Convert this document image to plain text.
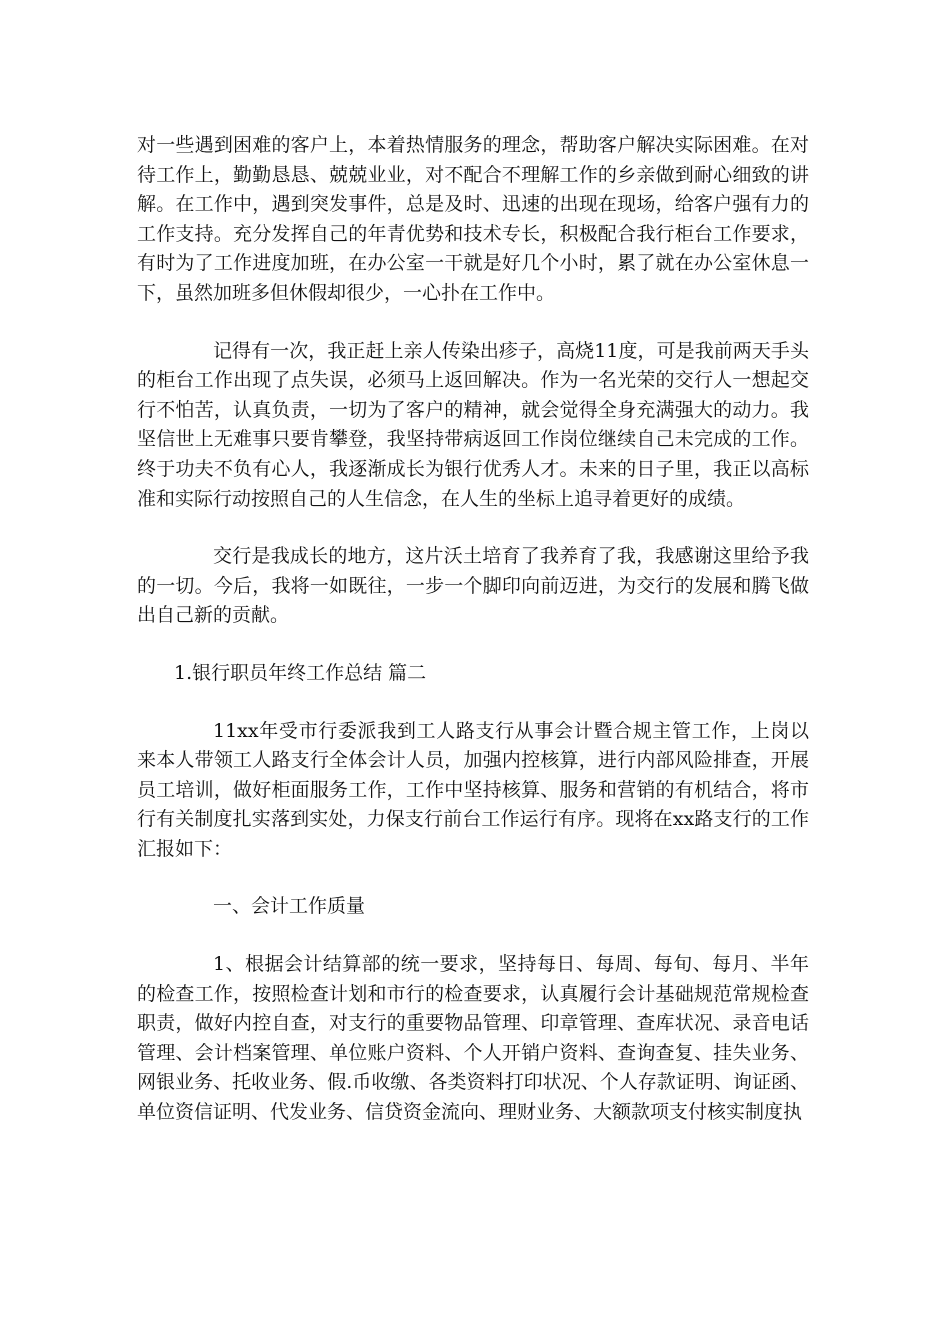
对一些遇到困难的客户上，本着热情服务的理念，帮助客户解决实际困难。在对待工作上，勤勤恳恳、兢兢业业，对不配合不理解工作的乡亲做到耐心细致的讲解。在工作中，遇到突发事件，总是及时、迅速的出现在现场，给客户强有力的工作支持。充分发挥自己的年青优势和技术专长，积极配合我行柜台工作要求，有时为了工作进度加班，在办公室一干就是好几个小时，累了就在办公室休息一下，虽然加班多但休假却很少，一心扑在工作中。

记得有一次，我正赶上亲人传染出疹子，高烧11度，可是我前两天手头的柜台工作出现了点失误，必须马上返回解决。作为一名光荣的交行人一想起交行不怕苦，认真负责，一切为了客户的精神，就会觉得全身充满强大的动力。我坚信世上无难事只要肯攀登，我坚持带病返回工作岗位继续自己未完成的工作。终于功夫不负有心人，我逐渐成长为银行优秀人才。未来的日子里，我正以高标准和实际行动按照自己的人生信念，在人生的坐标上追寻着更好的成绩。

交行是我成长的地方，这片沃土培育了我养育了我，我感谢这里给予我的一切。今后，我将一如既往，一步一个脚印向前迈进，为交行的发展和腾飞做出自己新的贡献。

1.银行职员年终工作总结 篇二

11xx年受市行委派我到工人路支行从事会计暨合规主管工作，上岗以来本人带领工人路支行全体会计人员，加强内控核算，进行内部风险排查，开展员工培训，做好柜面服务工作，工作中坚持核算、服务和营销的有机结合，将市行有关制度扎实落到实处，力保支行前台工作运行有序。现将在xx路支行的工作汇报如下：

一、会计工作质量

1、根据会计结算部的统一要求，坚持每日、每周、每旬、每月、半年的检查工作，按照检查计划和市行的检查要求，认真履行会计基础规范常规检查职责，做好内控自查，对支行的重要物品管理、印章管理、查库状况、录音电话管理、会计档案管理、单位账户资料、个人开销户资料、查询查复、挂失业务、网银业务、托收业务、假.币收缴、各类资料打印状况、个人存款证明、询证函、单位资信证明、代发业务、信贷资金流向、理财业务、大额款项支付核实制度执
